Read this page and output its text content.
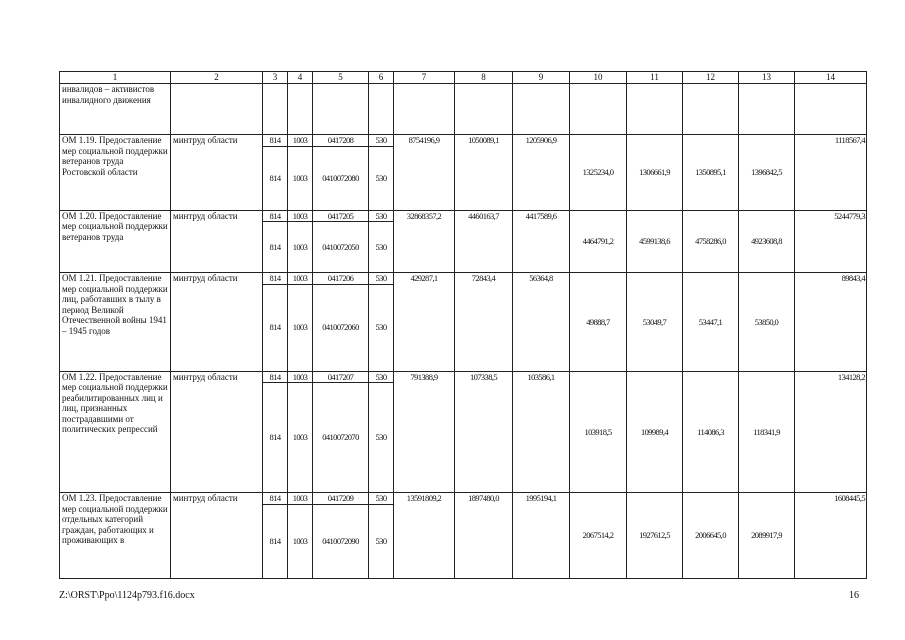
1	2	3	4	5	6	7	8	9	10	11	12	13	14
инвалидов – активистов инвалидного движения													
ОМ 1.19. Предоставление мер социальной поддержки ветеранов труда Ростовской области	минтруд области	814	1003	0417208	530	8754196,9	1050089,1	1205906,9	1325234,0	1306661,9	1350895,1	1396842,5	1118567,4
		814	1003	0410072080	530								
ОМ 1.20. Предоставление мер социальной поддержки ветеранов труда	минтруд области	814	1003	0417205	530	32868357,2	4460163,7	4417589,6	4464791,2	4599138,6	4758286,0	4923608,8	5244779,3
		814	1003	0410072050	530								
ОМ 1.21. Предоставление мер социальной поддержки лиц, работавших в тылу в период Великой Отечественной войны 1941 – 1945 годов	минтруд области	814	1003	0417206	530	429287,1	72843,4	56364,8	49888,7	53049,7	53447,1	53850,0	89843,4
		814	1003	0410072060	530								
ОМ 1.22. Предоставление мер социальной поддержки реабилитированных лиц и лиц, признанных пострадавшими от политических репрессий	минтруд области	814	1003	0417207	530	791388,9	107338,5	103586,1	103918,5	109989,4	114086,3	118341,9	134128,2
		814	1003	0410072070	530								
ОМ 1.23. Предоставление мер социальной поддержки отдельных категорий граждан, работающих и проживающих в	минтруд области	814	1003	0417209	530	13591809,2	1897480,0	1995194,1	2067514,2	1927612,5	2006645,0	2089917,9	1608445,5
		814	1003	0410072090	530								
Z:\ORST\Ppo\1124p793.f16.docx	16
